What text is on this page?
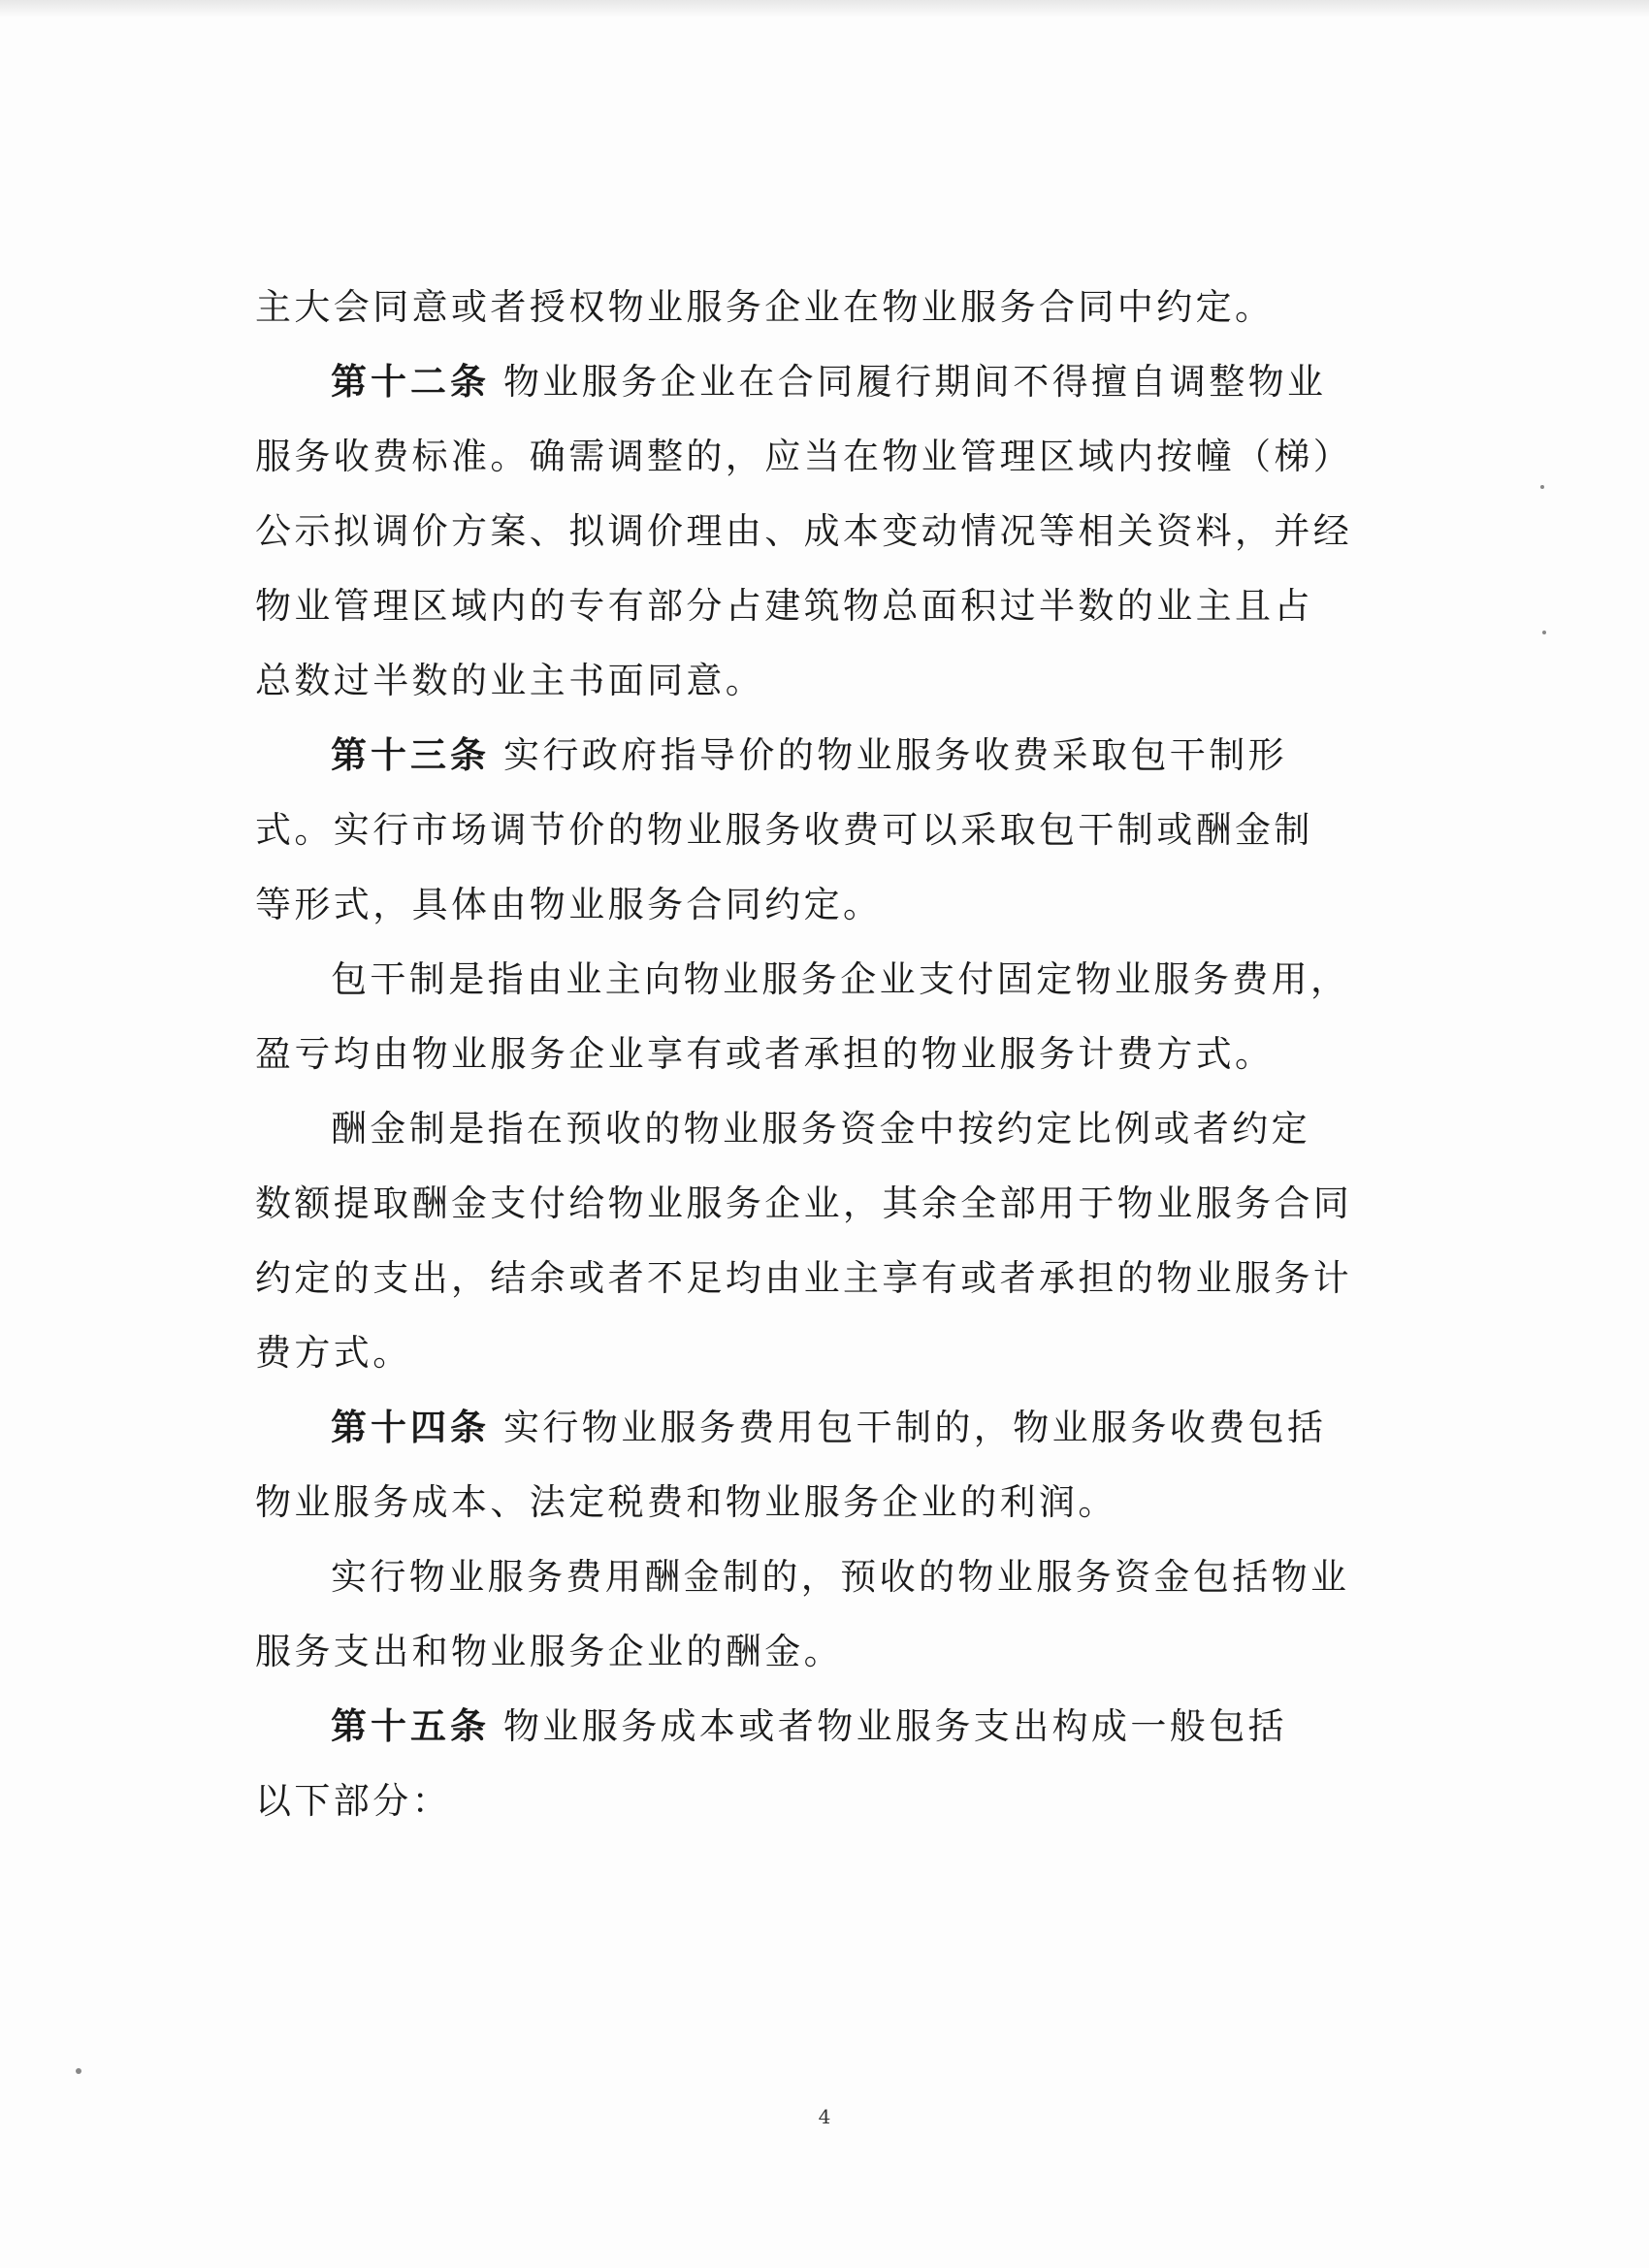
主大会同意或者授权物业服务企业在物业服务合同中约定。
第十二条 物业服务企业在合同履行期间不得擅自调整物业
服务收费标准。确需调整的，应当在物业管理区域内按幢（梯）
公示拟调价方案、拟调价理由、成本变动情况等相关资料，并经
物业管理区域内的专有部分占建筑物总面积过半数的业主且占
总数过半数的业主书面同意。
第十三条 实行政府指导价的物业服务收费采取包干制形
式。实行市场调节价的物业服务收费可以采取包干制或酬金制
等形式，具体由物业服务合同约定。
包干制是指由业主向物业服务企业支付固定物业服务费用，
盈亏均由物业服务企业享有或者承担的物业服务计费方式。
酬金制是指在预收的物业服务资金中按约定比例或者约定
数额提取酬金支付给物业服务企业，其余全部用于物业服务合同
约定的支出，结余或者不足均由业主享有或者承担的物业服务计
费方式。
第十四条 实行物业服务费用包干制的，物业服务收费包括
物业服务成本、法定税费和物业服务企业的利润。
实行物业服务费用酬金制的，预收的物业服务资金包括物业
服务支出和物业服务企业的酬金。
第十五条 物业服务成本或者物业服务支出构成一般包括
以下部分：
4
